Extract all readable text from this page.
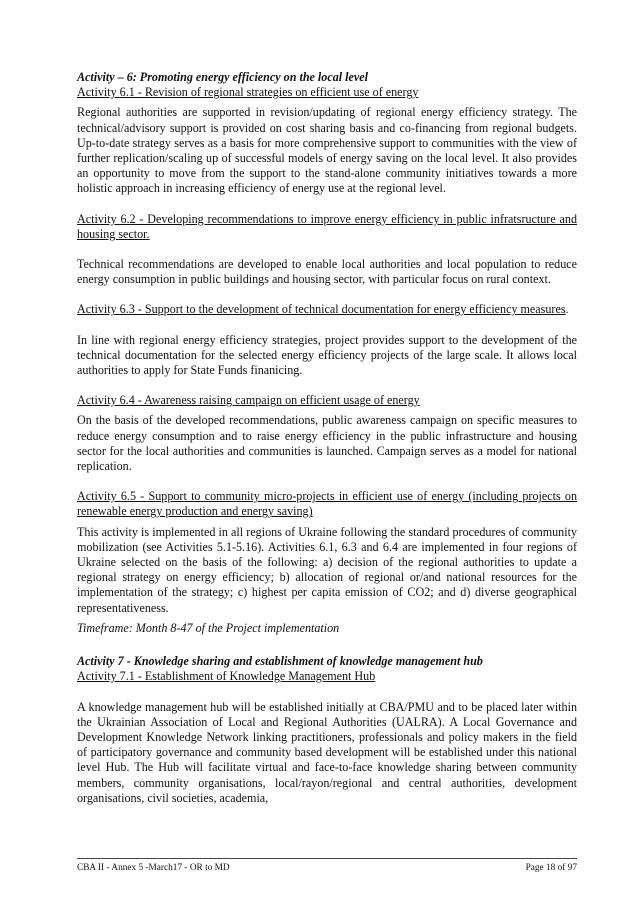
Activity – 6: Promoting energy efficiency on the local level

Activity 6.1 - Revision of regional strategies on efficient use of energy

Regional authorities are supported in revision/updating of regional energy efficiency strategy. The technical/advisory support is provided on cost sharing basis and co-financing from regional budgets. Up-to-date strategy serves as a basis for more comprehensive support to communities with the view of further replication/scaling up of successful models of energy saving on the local level. It also provides an opportunity to move from the support to the stand-alone community initiatives towards a more holistic approach in increasing efficiency of energy use at the regional level.

Activity 6.2 - Developing recommendations to improve energy efficiency in public infratsructure and housing sector.

Technical recommendations are developed to enable local authorities and local population to reduce energy consumption in public buildings and housing sector, with particular focus on rural context.

Activity 6.3 - Support to the development of technical documentation for energy efficiency measures.

In line with regional energy efficiency strategies, project provides support to the development of the technical documentation for the selected energy efficiency projects of the large scale. It allows local authorities to apply for State Funds finanicing.

Activity 6.4 - Awareness raising campaign on efficient usage of energy

On the basis of the developed recommendations, public awareness campaign on specific measures to reduce energy consumption and to raise energy efficiency in the public infrastructure and housing sector for the local authorities and communities is launched. Campaign serves as a model for national replication.

Activity 6.5 - Support to community micro-projects in efficient use of energy (including projects on renewable energy production and energy saving)

This activity is implemented in all regions of Ukraine following the standard procedures of community mobilization (see Activities 5.1-5.16). Activities 6.1, 6.3 and 6.4 are implemented in four regions of Ukraine selected on the basis of the following: a) decision of the regional authorities to update a regional strategy on energy efficiency; b) allocation of regional or/and national resources for the implementation of the strategy; c) highest per capita emission of CO2; and d) diverse geographical representativeness.

Timeframe: Month 8-47 of the Project implementation

Activity 7 - Knowledge sharing and establishment of knowledge management hub

Activity 7.1 - Establishment of Knowledge Management Hub

A knowledge management hub will be established initially at CBA/PMU and to be placed later within the Ukrainian Association of Local and Regional Authorities (UALRA). A Local Governance and Development Knowledge Network linking practitioners, professionals and policy makers in the field of participatory governance and community based development will be established under this national level Hub. The Hub will facilitate virtual and face-to-face knowledge sharing between community members, community organisations, local/rayon/regional and central authorities, development organisations, civil societies, academia,

CBA II - Annex 5 -March17 - OR to MD	Page 18 of 97
